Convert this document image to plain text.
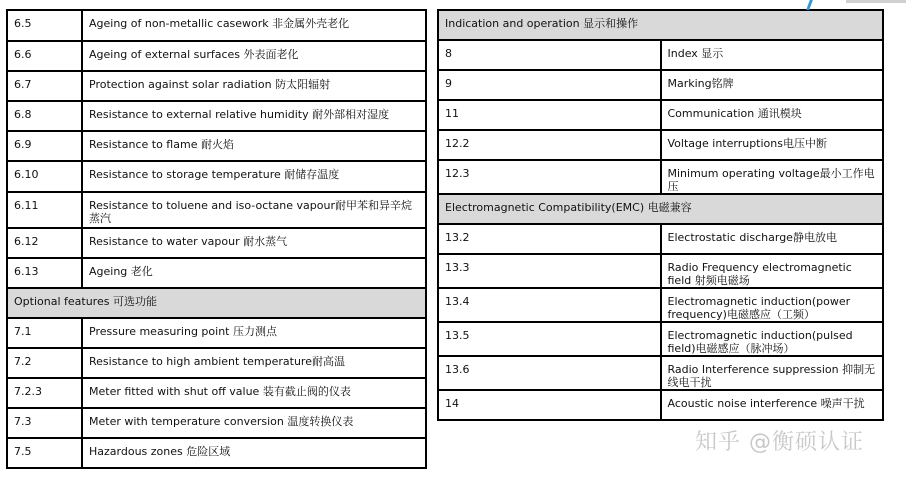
6.5	Ageing of non-metallic casework 非金属外壳老化
6.6	Ageing of external surfaces 外表面老化
6.7	Protection against solar radiation 防太阳辐射
6.8	Resistance to external relative humidity 耐外部相对湿度
6.9	Resistance to flame 耐火焰
6.10	Resistance to storage temperature 耐储存温度
6.11	Resistance to toluene and iso-octane vapour耐甲苯和异辛烷蒸汽
6.12	Resistance to water vapour 耐水蒸气
6.13	Ageing 老化
Optional features 可选功能	
7.1	Pressure measuring point 压力测点
7.2	Resistance to high ambient temperature耐高温
7.2.3	Meter fitted with shut off value 装有截止阀的仪表
7.3	Meter with temperature conversion 温度转换仪表
7.5	Hazardous zones 危险区域
Indication and operation 显示和操作	
8	Index 显示
9	Marking铭牌
11	Communication 通讯模块
12.2	Voltage interruptions电压中断
12.3	Minimum operating voltage最小工作电压
Electromagnetic Compatibility(EMC) 电磁兼容	
13.2	Electrostatic discharge静电放电
13.3	Radio Frequency electromagnetic field 射频电磁场
13.4	Electromagnetic induction(power frequency)电磁感应（工频）
13.5	Electromagnetic induction(pulsed field)电磁感应（脉冲场）
13.6	Radio Interference suppression 抑制无线电干扰
14	Acoustic noise interference 噪声干扰
知乎 @衡硕认证
